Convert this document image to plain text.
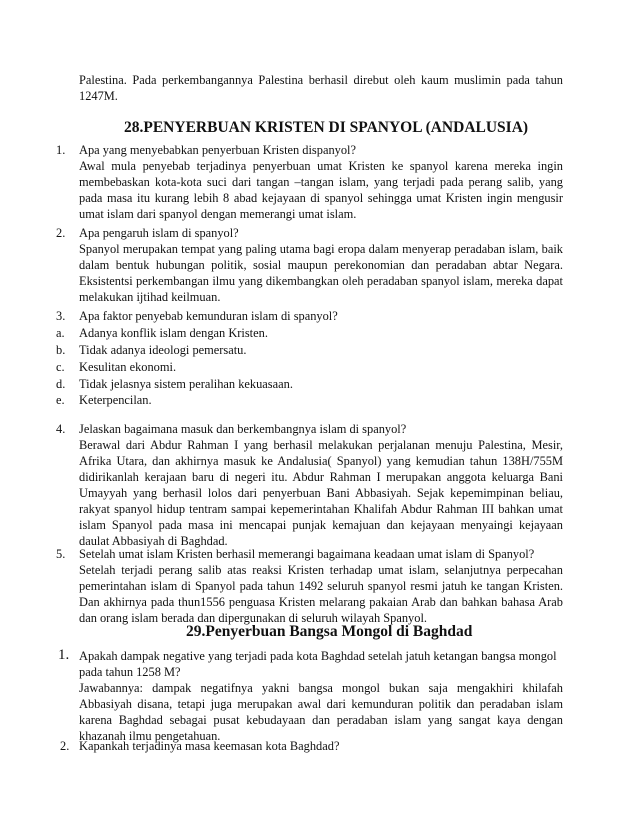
Palestina. Pada perkembangannya Palestina berhasil direbut oleh kaum muslimin pada tahun 1247M.
28.PENYERBUAN KRISTEN DI SPANYOL (ANDALUSIA)
1. Apa yang menyebabkan penyerbuan Kristen dispanyol?
Awal mula penyebab terjadinya penyerbuan umat Kristen ke spanyol karena mereka ingin membebaskan kota-kota suci dari tangan –tangan islam, yang terjadi pada perang salib, yang pada masa itu kurang lebih 8 abad kejayaan di spanyol sehingga umat Kristen ingin mengusir umat islam dari spanyol dengan memerangi umat islam.
2. Apa pengaruh islam di spanyol?
Spanyol merupakan tempat yang paling utama bagi eropa dalam menyerap peradaban islam, baik dalam bentuk hubungan politik, sosial maupun perekonomian dan peradaban abtar Negara. Eksistentsi perkembangan ilmu yang dikembangkan oleh peradaban spanyol islam, mereka dapat melakukan ijtihad keilmuan.
3. Apa faktor penyebab kemunduran islam di spanyol?
a. Adanya konflik islam dengan Kristen.
b. Tidak adanya ideologi pemersatu.
c. Kesulitan ekonomi.
d. Tidak jelasnya sistem peralihan kekuasaan.
e. Keterpencilan.
4. Jelaskan bagaimana masuk dan berkembangnya islam di spanyol?
Berawal dari Abdur Rahman I yang berhasil melakukan perjalanan menuju Palestina, Mesir, Afrika Utara, dan akhirnya masuk ke Andalusia( Spanyol) yang kemudian tahun 138H/755M didirikanlah kerajaan baru di negeri itu. Abdur Rahman I merupakan anggota keluarga Bani Umayyah yang berhasil lolos dari penyerbuan Bani Abbasiyah. Sejak kepemimpinan beliau, rakyat spanyol hidup tentram sampai kepemerintahan Khalifah Abdur Rahman III bahkan umat islam Spanyol pada masa ini mencapai punjak kemajuan dan kejayaan menyaingi kejayaan daulat Abbasiyah di Baghdad.
5. Setelah umat islam Kristen berhasil memerangi bagaimana keadaan umat islam di Spanyol?
Setelah terjadi perang salib atas reaksi Kristen terhadap umat islam, selanjutnya perpecahan pemerintahan islam di Spanyol pada tahun 1492 seluruh spanyol resmi jatuh ke tangan Kristen. Dan akhirnya pada thun1556 penguasa Kristen melarang pakaian Arab dan bahkan bahasa Arab dan orang islam berada dan dipergunakan di seluruh wilayah Spanyol.
29.Penyerbuan Bangsa Mongol di Baghdad
1. Apakah dampak negative yang terjadi pada kota Baghdad setelah jatuh ketangan bangsa mongol
pada tahun 1258 M?
Jawabannya: dampak negatifnya yakni bangsa mongol bukan saja mengakhiri khilafah Abbasiyah disana, tetapi juga merupakan awal dari kemunduran politik dan peradaban islam karena Baghdad sebagai pusat kebudayaan dan peradaban islam yang sangat kaya dengan khazanah ilmu pengetahuan.
2. Kapankah terjadinya masa keemasan kota Baghdad?
